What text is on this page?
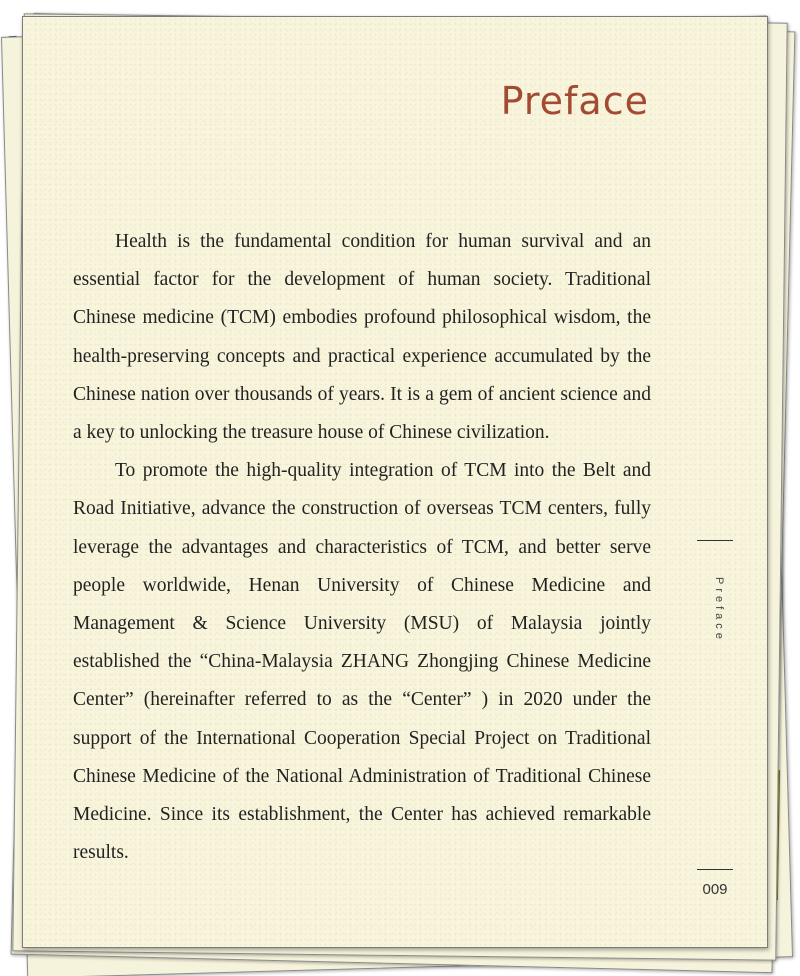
Preface

Health is the fundamental condition for human survival and an essential factor for the development of human society. Traditional Chinese medicine (TCM) embodies profound philosophical wisdom, the health-preserving concepts and practical experience accumulated by the Chinese nation over thousands of years. It is a gem of ancient science and a key to unlocking the treasure house of Chinese civilization.

To promote the high-quality integration of TCM into the Belt and Road Initiative, advance the construction of overseas TCM centers, fully leverage the advantages and characteristics of TCM, and better serve people worldwide, Henan University of Chinese Medicine and Management & Science University (MSU) of Malaysia jointly established the “China-Malaysia ZHANG Zhongjing Chinese Medicine Center” (hereinafter referred to as the “Center” ) in 2020 under the support of the International Cooperation Special Project on Traditional Chinese Medicine of the National Administration of Traditional Chinese Medicine. Since its establishment, the Center has achieved remarkable results.

Preface
009
